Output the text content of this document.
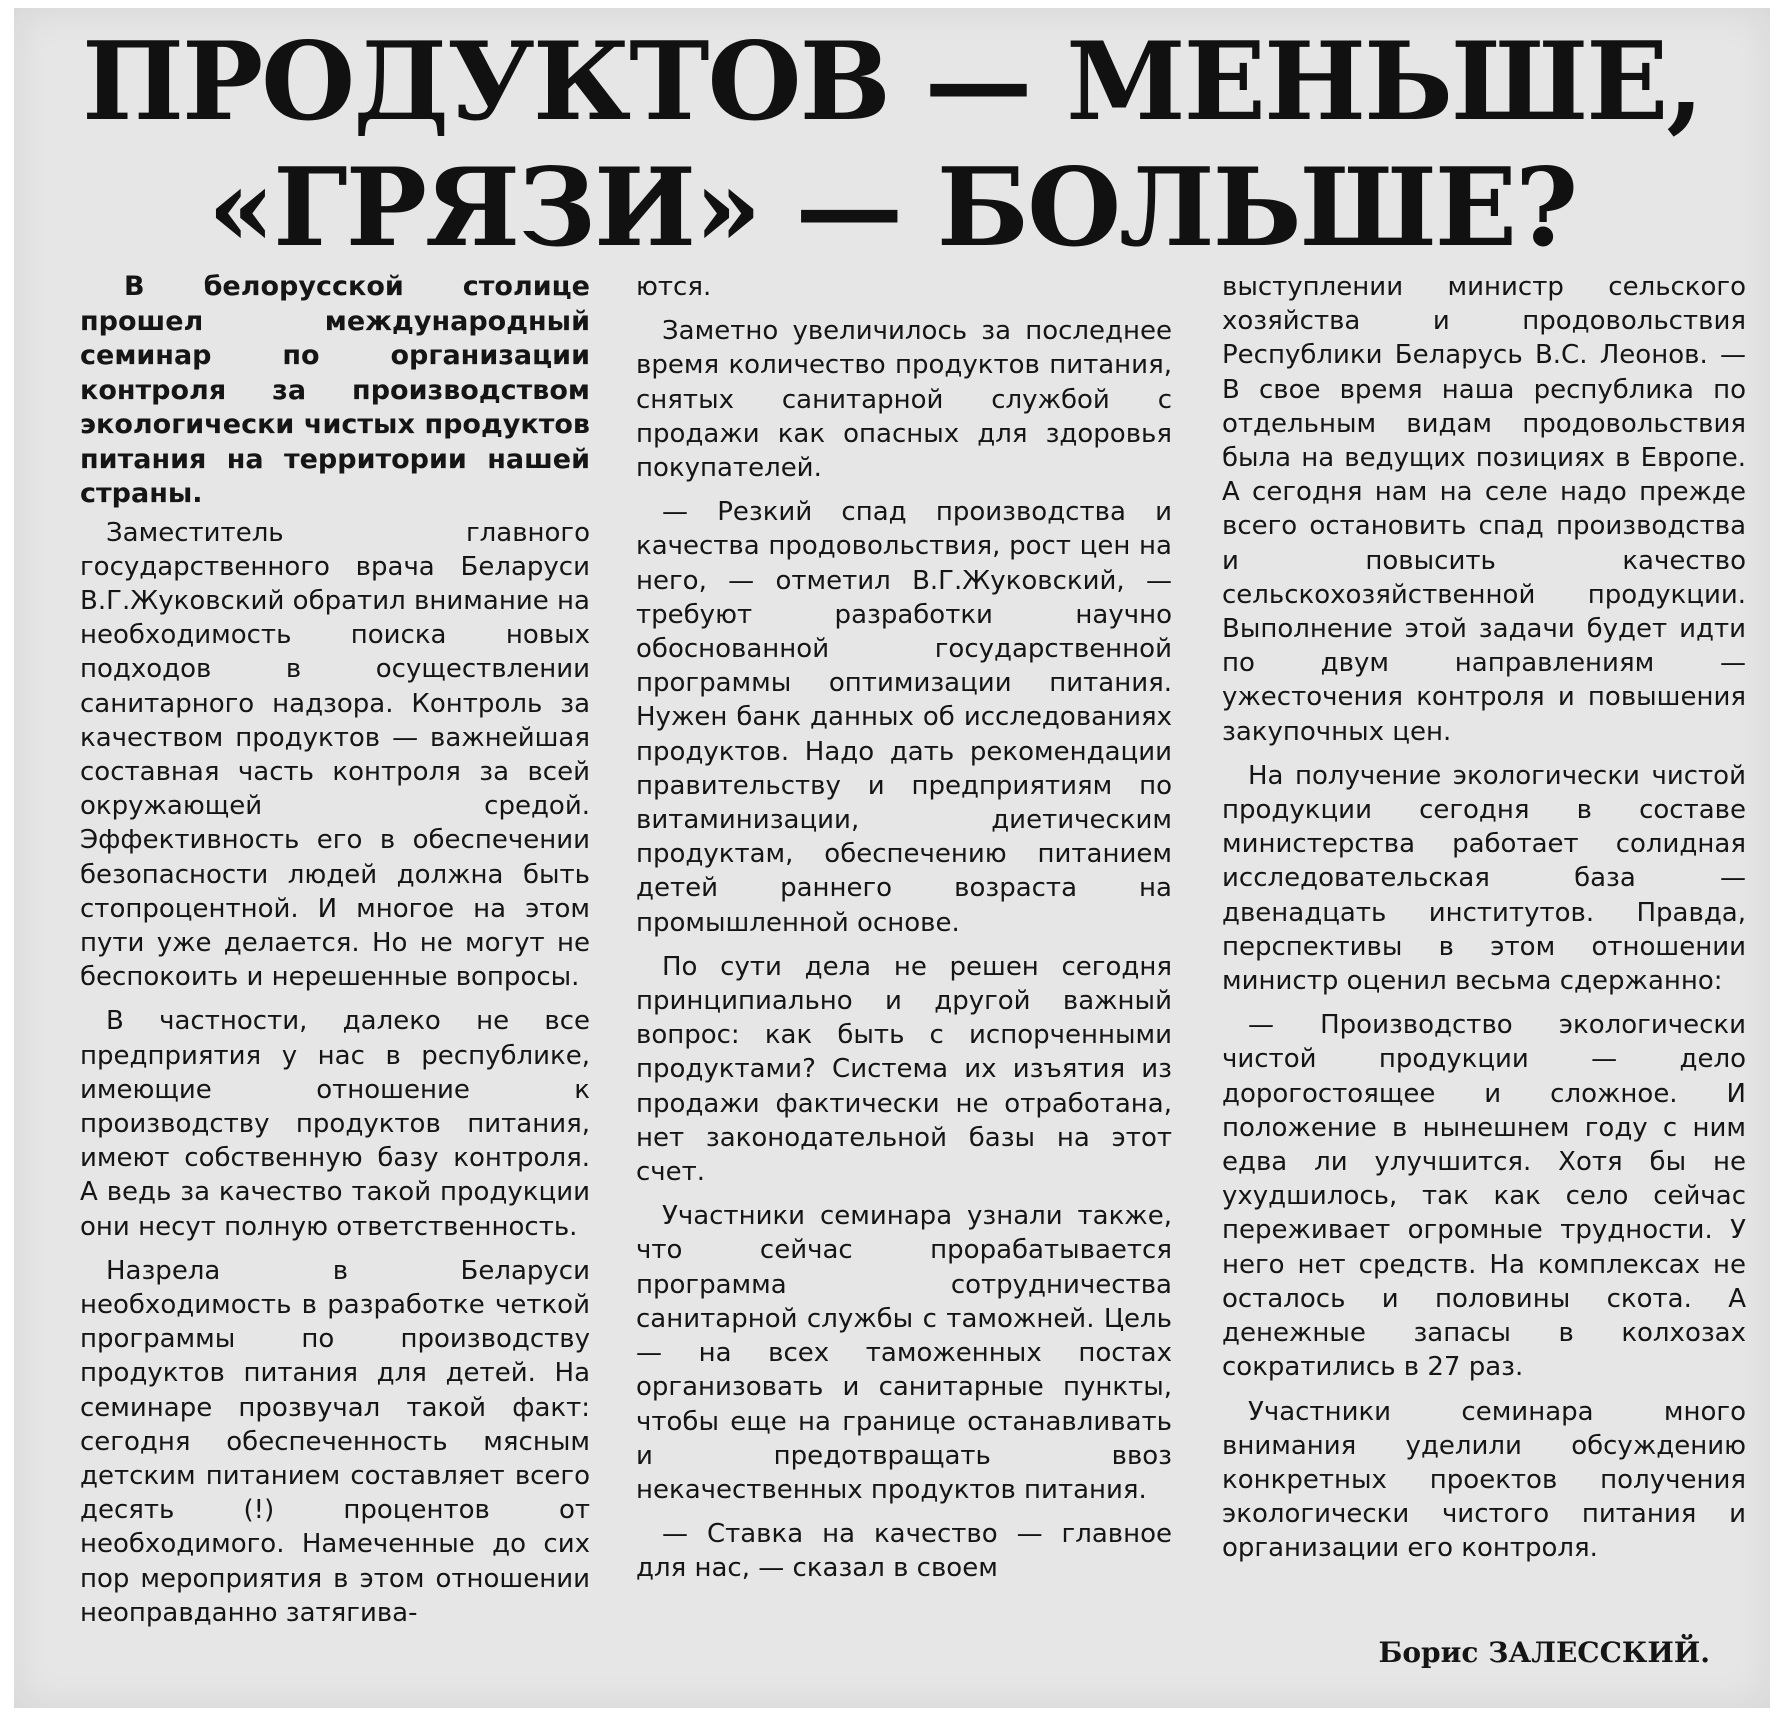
ПРОДУКТОВ — МЕНЬШЕ,
«ГРЯЗИ» — БОЛЬШЕ?

В белорусской столице прошел международный семинар по организации контроля за производством экологически чистых продуктов питания на территории нашей страны.

Заместитель главного государственного врача Беларуси В.Г.Жуковский обратил внимание на необходимость поиска новых подходов в осуществлении санитарного надзора. Контроль за качеством продуктов — важнейшая составная часть контроля за всей окружающей средой. Эффективность его в обеспечении безопасности людей должна быть стопроцентной. И многое на этом пути уже делается. Но не могут не беспокоить и нерешенные вопросы.

В частности, далеко не все предприятия у нас в республике, имеющие отношение к производству продуктов питания, имеют собственную базу контроля. А ведь за качество такой продукции они несут полную ответственность.

Назрела в Беларуси необходимость в разработке четкой программы по производству продуктов питания для детей. На семинаре прозвучал такой факт: сегодня обеспеченность мясным детским питанием составляет всего десять (!) процентов от необходимого. Намеченные до сих пор мероприятия в этом отношении неоправданно затягива-

ются.

Заметно увеличилось за последнее время количество продуктов питания, снятых санитарной службой с продажи как опасных для здоровья покупателей.

— Резкий спад производства и качества продовольствия, рост цен на него, — отметил В.Г.Жуковский, — требуют разработки научно обоснованной государственной программы оптимизации питания. Нужен банк данных об исследованиях продуктов. Надо дать рекомендации правительству и предприятиям по витаминизации, диетическим продуктам, обеспечению питанием детей раннего возраста на промышленной основе.

По сути дела не решен сегодня принципиально и другой важный вопрос: как быть с испорченными продуктами? Система их изъятия из продажи фактически не отработана, нет законодательной базы на этот счет.

Участники семинара узнали также, что сейчас прорабатывается программа сотрудничества санитарной службы с таможней. Цель — на всех таможенных постах организовать и санитарные пункты, чтобы еще на границе останавливать и предотвращать ввоз некачественных продуктов питания.

— Ставка на качество — главное для нас, — сказал в своем

выступлении министр сельского хозяйства и продовольствия Республики Беларусь В.С. Леонов. — В свое время наша республика по отдельным видам продовольствия была на ведущих позициях в Европе. А сегодня нам на селе надо прежде всего остановить спад производства и повысить качество сельскохозяйственной продукции. Выполнение этой задачи будет идти по двум направлениям — ужесточения контроля и повышения закупочных цен.

На получение экологически чистой продукции сегодня в составе министерства работает солидная исследовательская база — двенадцать институтов. Правда, перспективы в этом отношении министр оценил весьма сдержанно:

— Производство экологически чистой продукции — дело дорогостоящее и сложное. И положение в нынешнем году с ним едва ли улучшится. Хотя бы не ухудшилось, так как село сейчас переживает огромные трудности. У него нет средств. На комплексах не осталось и половины скота. А денежные запасы в колхозах сократились в 27 раз.

Участники семинара много внимания уделили обсуждению конкретных проектов получения экологически чистого питания и организации его контроля.

Борис ЗАЛЕССКИЙ.
